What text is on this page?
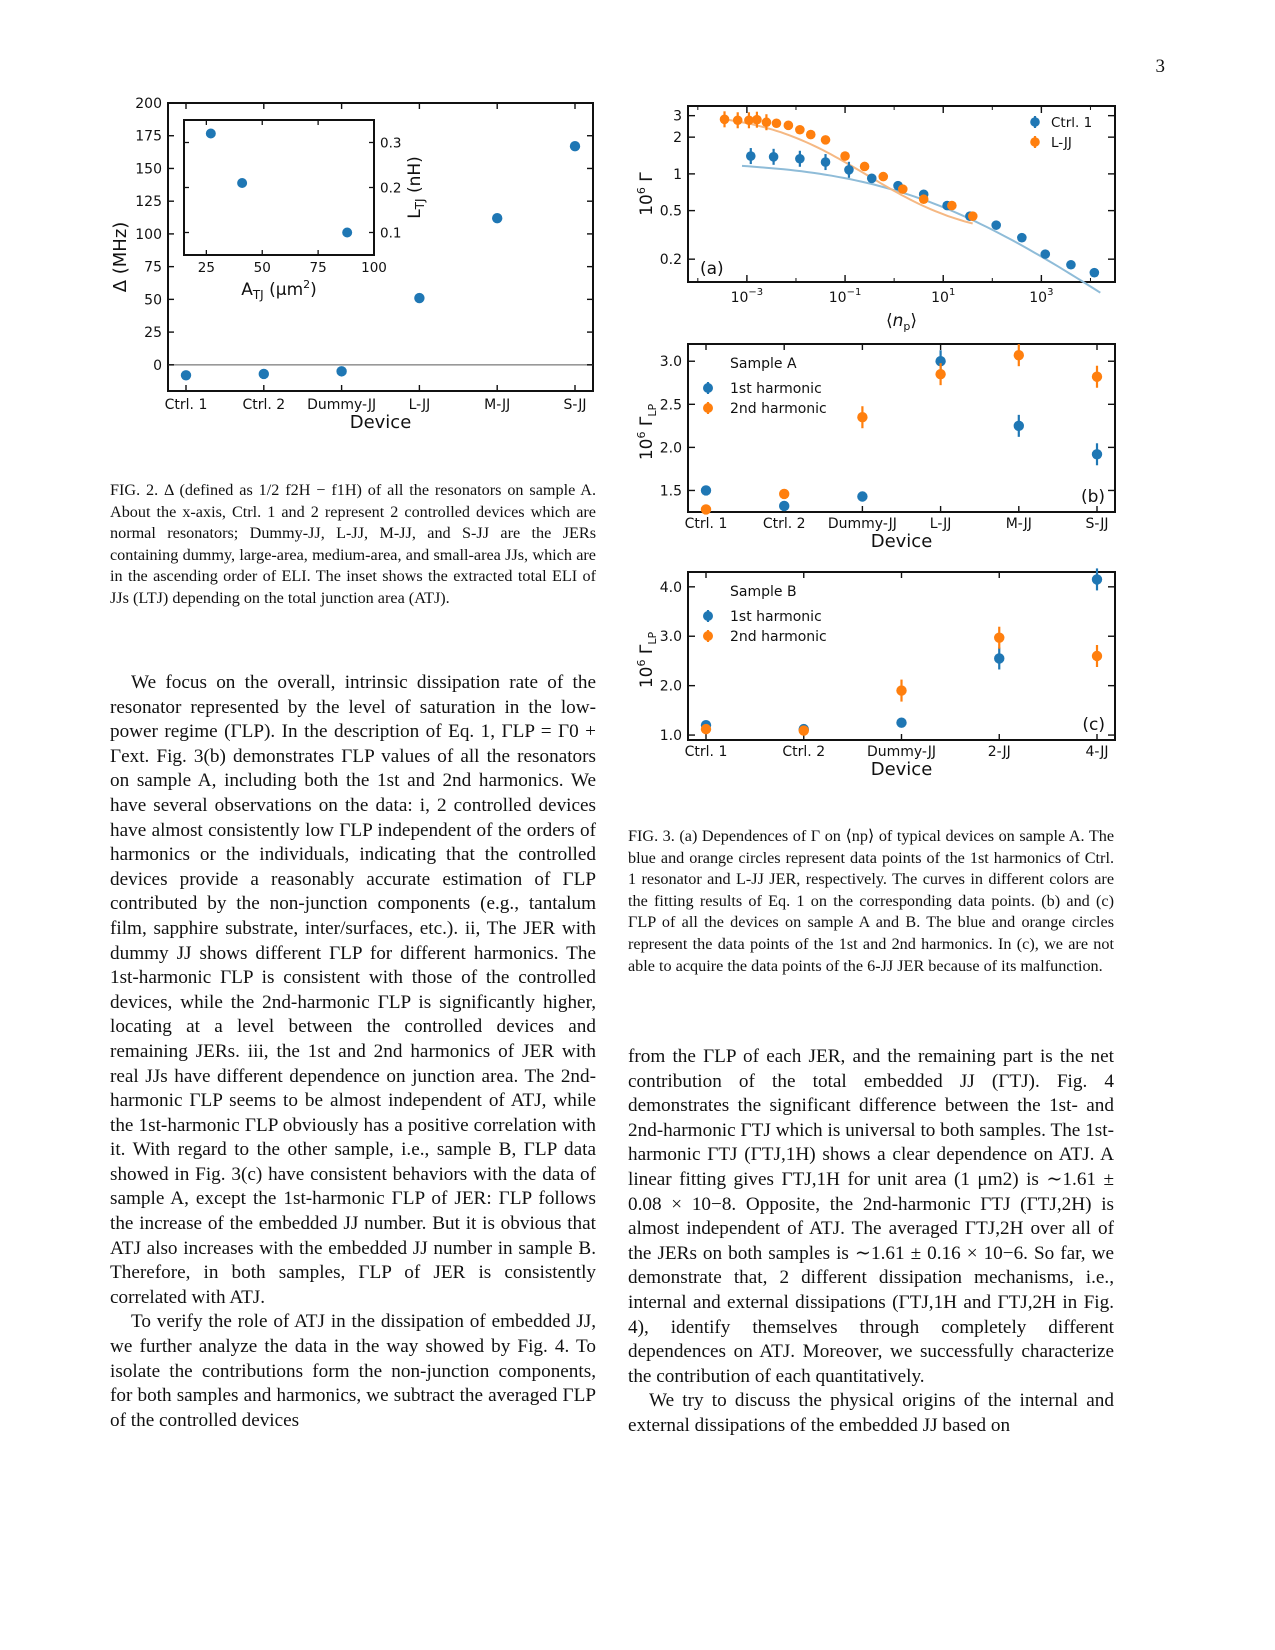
3
0
25
50
75
100
125
150
175
200
Ctrl. 1	Ctrl. 2 Dummy-JJ L-JJ	M-JJ	S-JJ
Device
Δ (MHz)	25	50	75	100
0.1
0.2
0.3
$A_{TJ}$ $(\mu m^2)$
$L_{TJ}$ (nH)
FIG. 2. Δ (defined as 1/2 f2H − f1H) of all the resonators on sample A. About the x-axis, Ctrl. 1 and 2 represent 2 controlled devices which are normal resonators; Dummy-JJ, L-JJ, M-JJ, and S-JJ are the JERs containing dummy, large-area, medium-area, and small-area JJs, which are in the ascending order of ELI. The inset shows the extracted total ELI of JJs (LTJ) depending on the total junction area (ATJ).
$10^{-3}$	$10^{-1}$	$10^1$	$10^3$
0.2
0.5
1
2
3
(a)
$⟨n_p⟩$
$10^6$ Γ
Ctrl. 1
L-JJ
1.5
2.0
2.5
3.0
Ctrl. 1	Ctrl. 2 Dummy-JJ L-JJ	M-JJ	S-JJ
Sample A
1st harmonic
2nd harmonic
(b)
Device
$10^6$ $\Gamma_{LP}$
1.0
2.0
3.0
4.0
Ctrl. 1	Ctrl. 2	Dummy-JJ	2-JJ	4-JJ
Sample B
1st harmonic
2nd harmonic
(c)
Device
$10^6$ $\Gamma_{LP}$
FIG. 3. (a) Dependences of Γ on ⟨np⟩ of typical devices on sample A. The blue and orange circles represent data points of the 1st harmonics of Ctrl. 1 resonator and L-JJ JER, respectively. The curves in different colors are the fitting results of Eq. 1 on the corresponding data points. (b) and (c) ΓLP of all the devices on sample A and B. The blue and orange circles represent the data points of the 1st and 2nd harmonics. In (c), we are not able to acquire the data points of the 6-JJ JER because of its malfunction.

We focus on the overall, intrinsic dissipation rate of the resonator represented by the level of saturation in the low-power regime (ΓLP). In the description of Eq. 1, ΓLP = Γ0 + Γext. Fig. 3(b) demonstrates ΓLP values of all the resonators on sample A, including both the 1st and 2nd harmonics. We have several observations on the data: i, 2 controlled devices have almost consistently low ΓLP independent of the orders of harmonics or the individuals, indicating that the controlled devices provide a reasonably accurate estimation of ΓLP contributed by the non-junction components (e.g., tantalum film, sapphire substrate, inter/surfaces, etc.). ii, The JER with dummy JJ shows different ΓLP for different harmonics. The 1st-harmonic ΓLP is consistent with those of the controlled devices, while the 2nd-harmonic ΓLP is significantly higher, locating at a level between the controlled devices and remaining JERs. iii, the 1st and 2nd harmonics of JER with real JJs have different dependence on junction area. The 2nd-harmonic ΓLP seems to be almost independent of ATJ, while the 1st-harmonic ΓLP obviously has a positive correlation with it. With regard to the other sample, i.e., sample B, ΓLP data showed in Fig. 3(c) have consistent behaviors with the data of sample A, except the 1st-harmonic ΓLP of JER: ΓLP follows the increase of the embedded JJ number. But it is obvious that ATJ also increases with the embedded JJ number in sample B. Therefore, in both samples, ΓLP of JER is consistently correlated with ATJ.

To verify the role of ATJ in the dissipation of embedded JJ, we further analyze the data in the way showed by Fig. 4. To isolate the contributions form the non-junction components, for both samples and harmonics, we subtract the averaged ΓLP of the controlled devices

from the ΓLP of each JER, and the remaining part is the net contribution of the total embedded JJ (ΓTJ). Fig. 4 demonstrates the significant difference between the 1st- and 2nd-harmonic ΓTJ which is universal to both samples. The 1st-harmonic ΓTJ (ΓTJ,1H) shows a clear dependence on ATJ. A linear fitting gives ΓTJ,1H for unit area (1 μm2) is ∼1.61 ± 0.08 × 10−8. Opposite, the 2nd-harmonic ΓTJ (ΓTJ,2H) is almost independent of ATJ. The averaged ΓTJ,2H over all of the JERs on both samples is ∼1.61 ± 0.16 × 10−6. So far, we demonstrate that, 2 different dissipation mechanisms, i.e., internal and external dissipations (ΓTJ,1H and ΓTJ,2H in Fig. 4), identify themselves through completely different dependences on ATJ. Moreover, we successfully characterize the contribution of each quantitatively.

We try to discuss the physical origins of the internal and external dissipations of the embedded JJ based on
